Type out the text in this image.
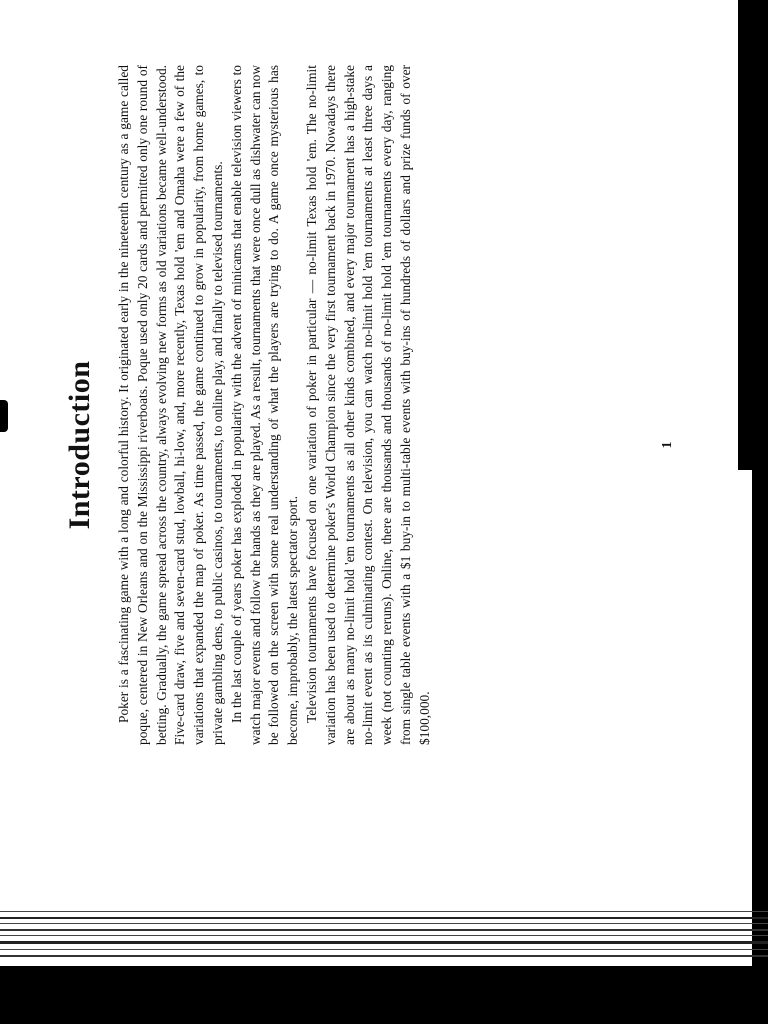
Introduction Poker is a fascinating game with a long and colorful history. It originated early in the nineteenth century as a game called poque, centered in New Orleans and on the Mississippi riverboats. Poque used only 20 cards and permitted only one round of betting. Gradually, the game spread across the country, always evolving new forms as old variations became well-understood. Five-card draw, five and seven-card stud, lowball, hi-low, and, more recently, Texas hold 'em and Omaha were a few of the variations that expanded the map of poker. As time passed, the game continued to grow in popularity, from home games, to private gambling dens, to public casinos, to tournaments, to online play, and finally to televised tournaments. In the last couple of years poker has exploded in popularity with the advent of minicams that enable television viewers to watch major events and follow the hands as they are played. As a result, tournaments that were once dull as dishwater can now be followed on the screen with some real understanding of what the players are trying to do. A game once mysterious has become, improbably, the latest spectator sport. Television tournaments have focused on one variation of poker in particular — no-limit Texas hold 'em. The no-limit variation has been used to determine poker's World Champion since the very first tournament back in 1970. Nowadays there are about as many no-limit hold 'em tournaments as all other kinds combined, and every major tournament has a high-stake no-limit event as its culminating contest. On television, you can watch no-limit hold 'em tournaments at least three days a week (not counting reruns). Online, there are thousands and thousands of no-limit hold 'em tournaments every day, ranging from single table events with a $1 buy-in to multi-table events with buy-ins of hundreds of dollars and prize funds of over $100,000.

1
